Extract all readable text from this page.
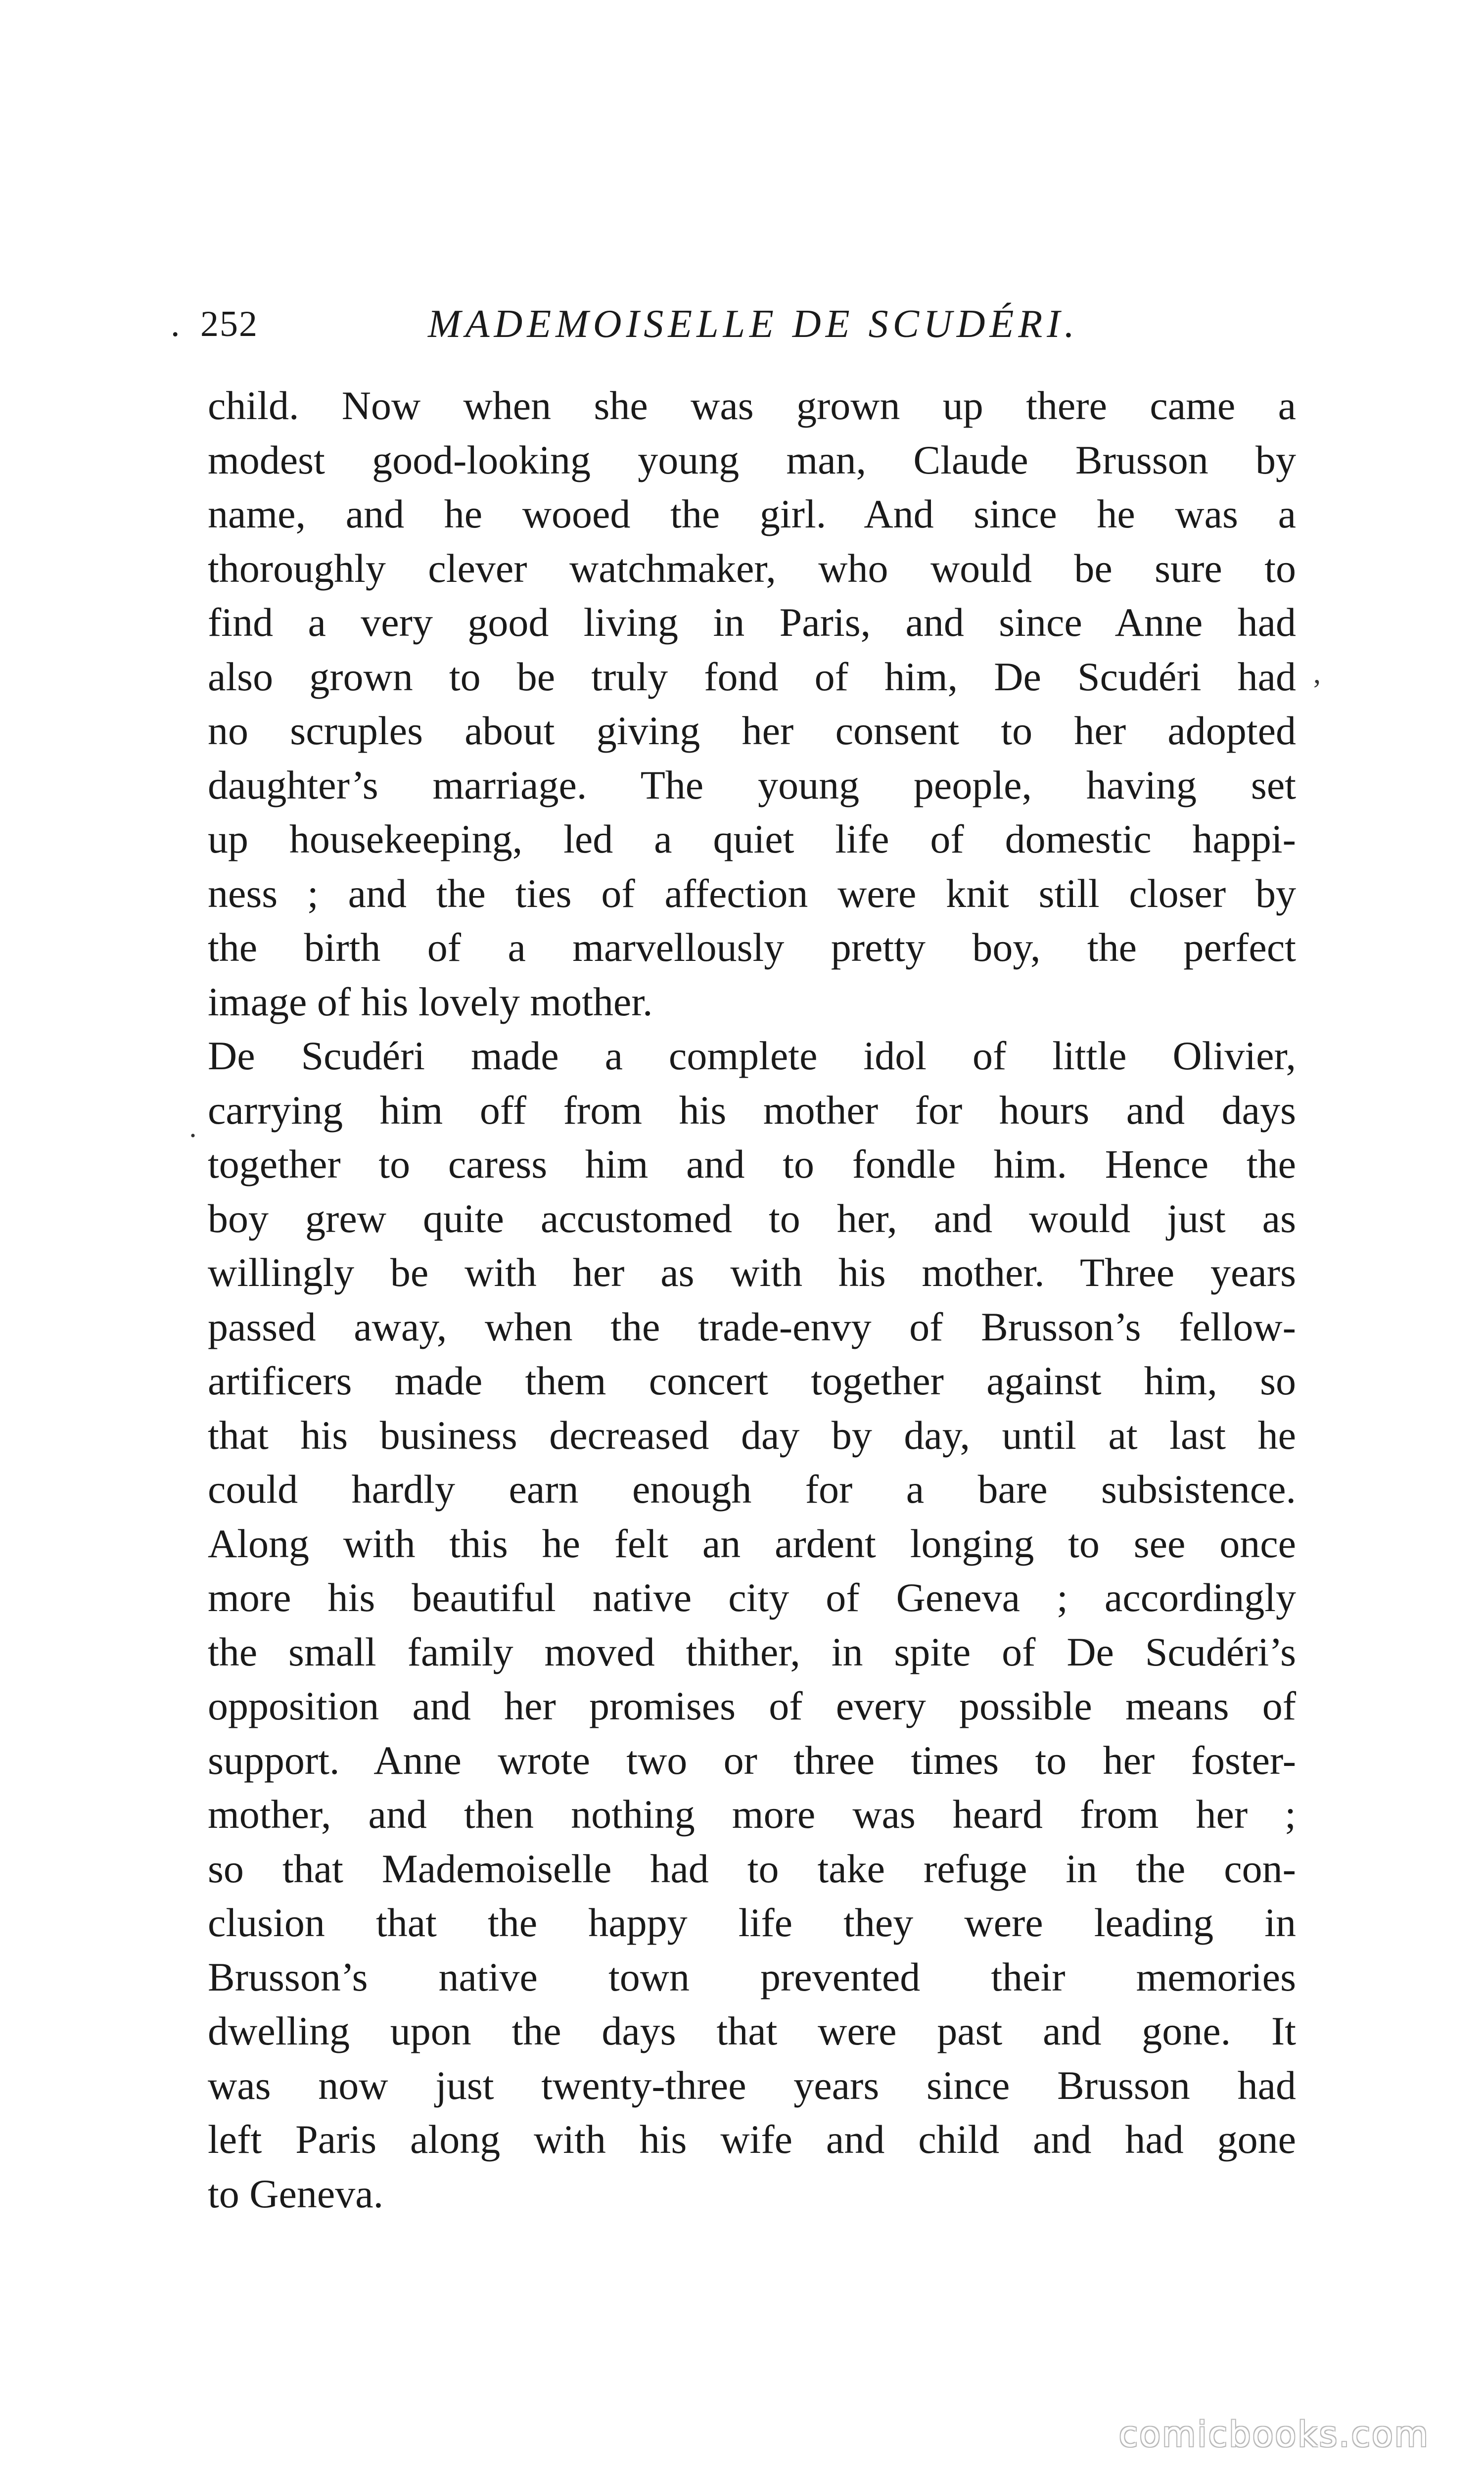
. 252	MADEMOISELLE DE SCUDÉRI.

child. Now when she was grown up there came a
modest good-looking young man, Claude Brusson by
name, and he wooed the girl. And since he was a
thoroughly clever watchmaker, who would be sure to
find a very good living in Paris, and since Anne had
also grown to be truly fond of him, De Scudéri had
no scruples about giving her consent to her adopted
daughter’s marriage. The young people, having set
up housekeeping, led a quiet life of domestic happi-
ness ; and the ties of affection were knit still closer by
the birth of a marvellously pretty boy, the perfect
image of his lovely mother.

De Scudéri made a complete idol of little Olivier,
carrying him off from his mother for hours and days
together to caress him and to fondle him. Hence the
boy grew quite accustomed to her, and would just as
willingly be with her as with his mother. Three years
passed away, when the trade-envy of Brusson’s fellow-
artificers made them concert together against him, so
that his business decreased day by day, until at last he
could hardly earn enough for a bare subsistence.
Along with this he felt an ardent longing to see once
more his beautiful native city of Geneva ; accordingly
the small family moved thither, in spite of De Scudéri’s
opposition and her promises of every possible means of
support. Anne wrote two or three times to her foster-
mother, and then nothing more was heard from her ;
so that Mademoiselle had to take refuge in the con-
clusion that the happy life they were leading in
Brusson’s native town prevented their memories
dwelling upon the days that were past and gone. It
was now just twenty-three years since Brusson had
left Paris along with his wife and child and had gone
to Geneva.

,
·
comicbooks.com
